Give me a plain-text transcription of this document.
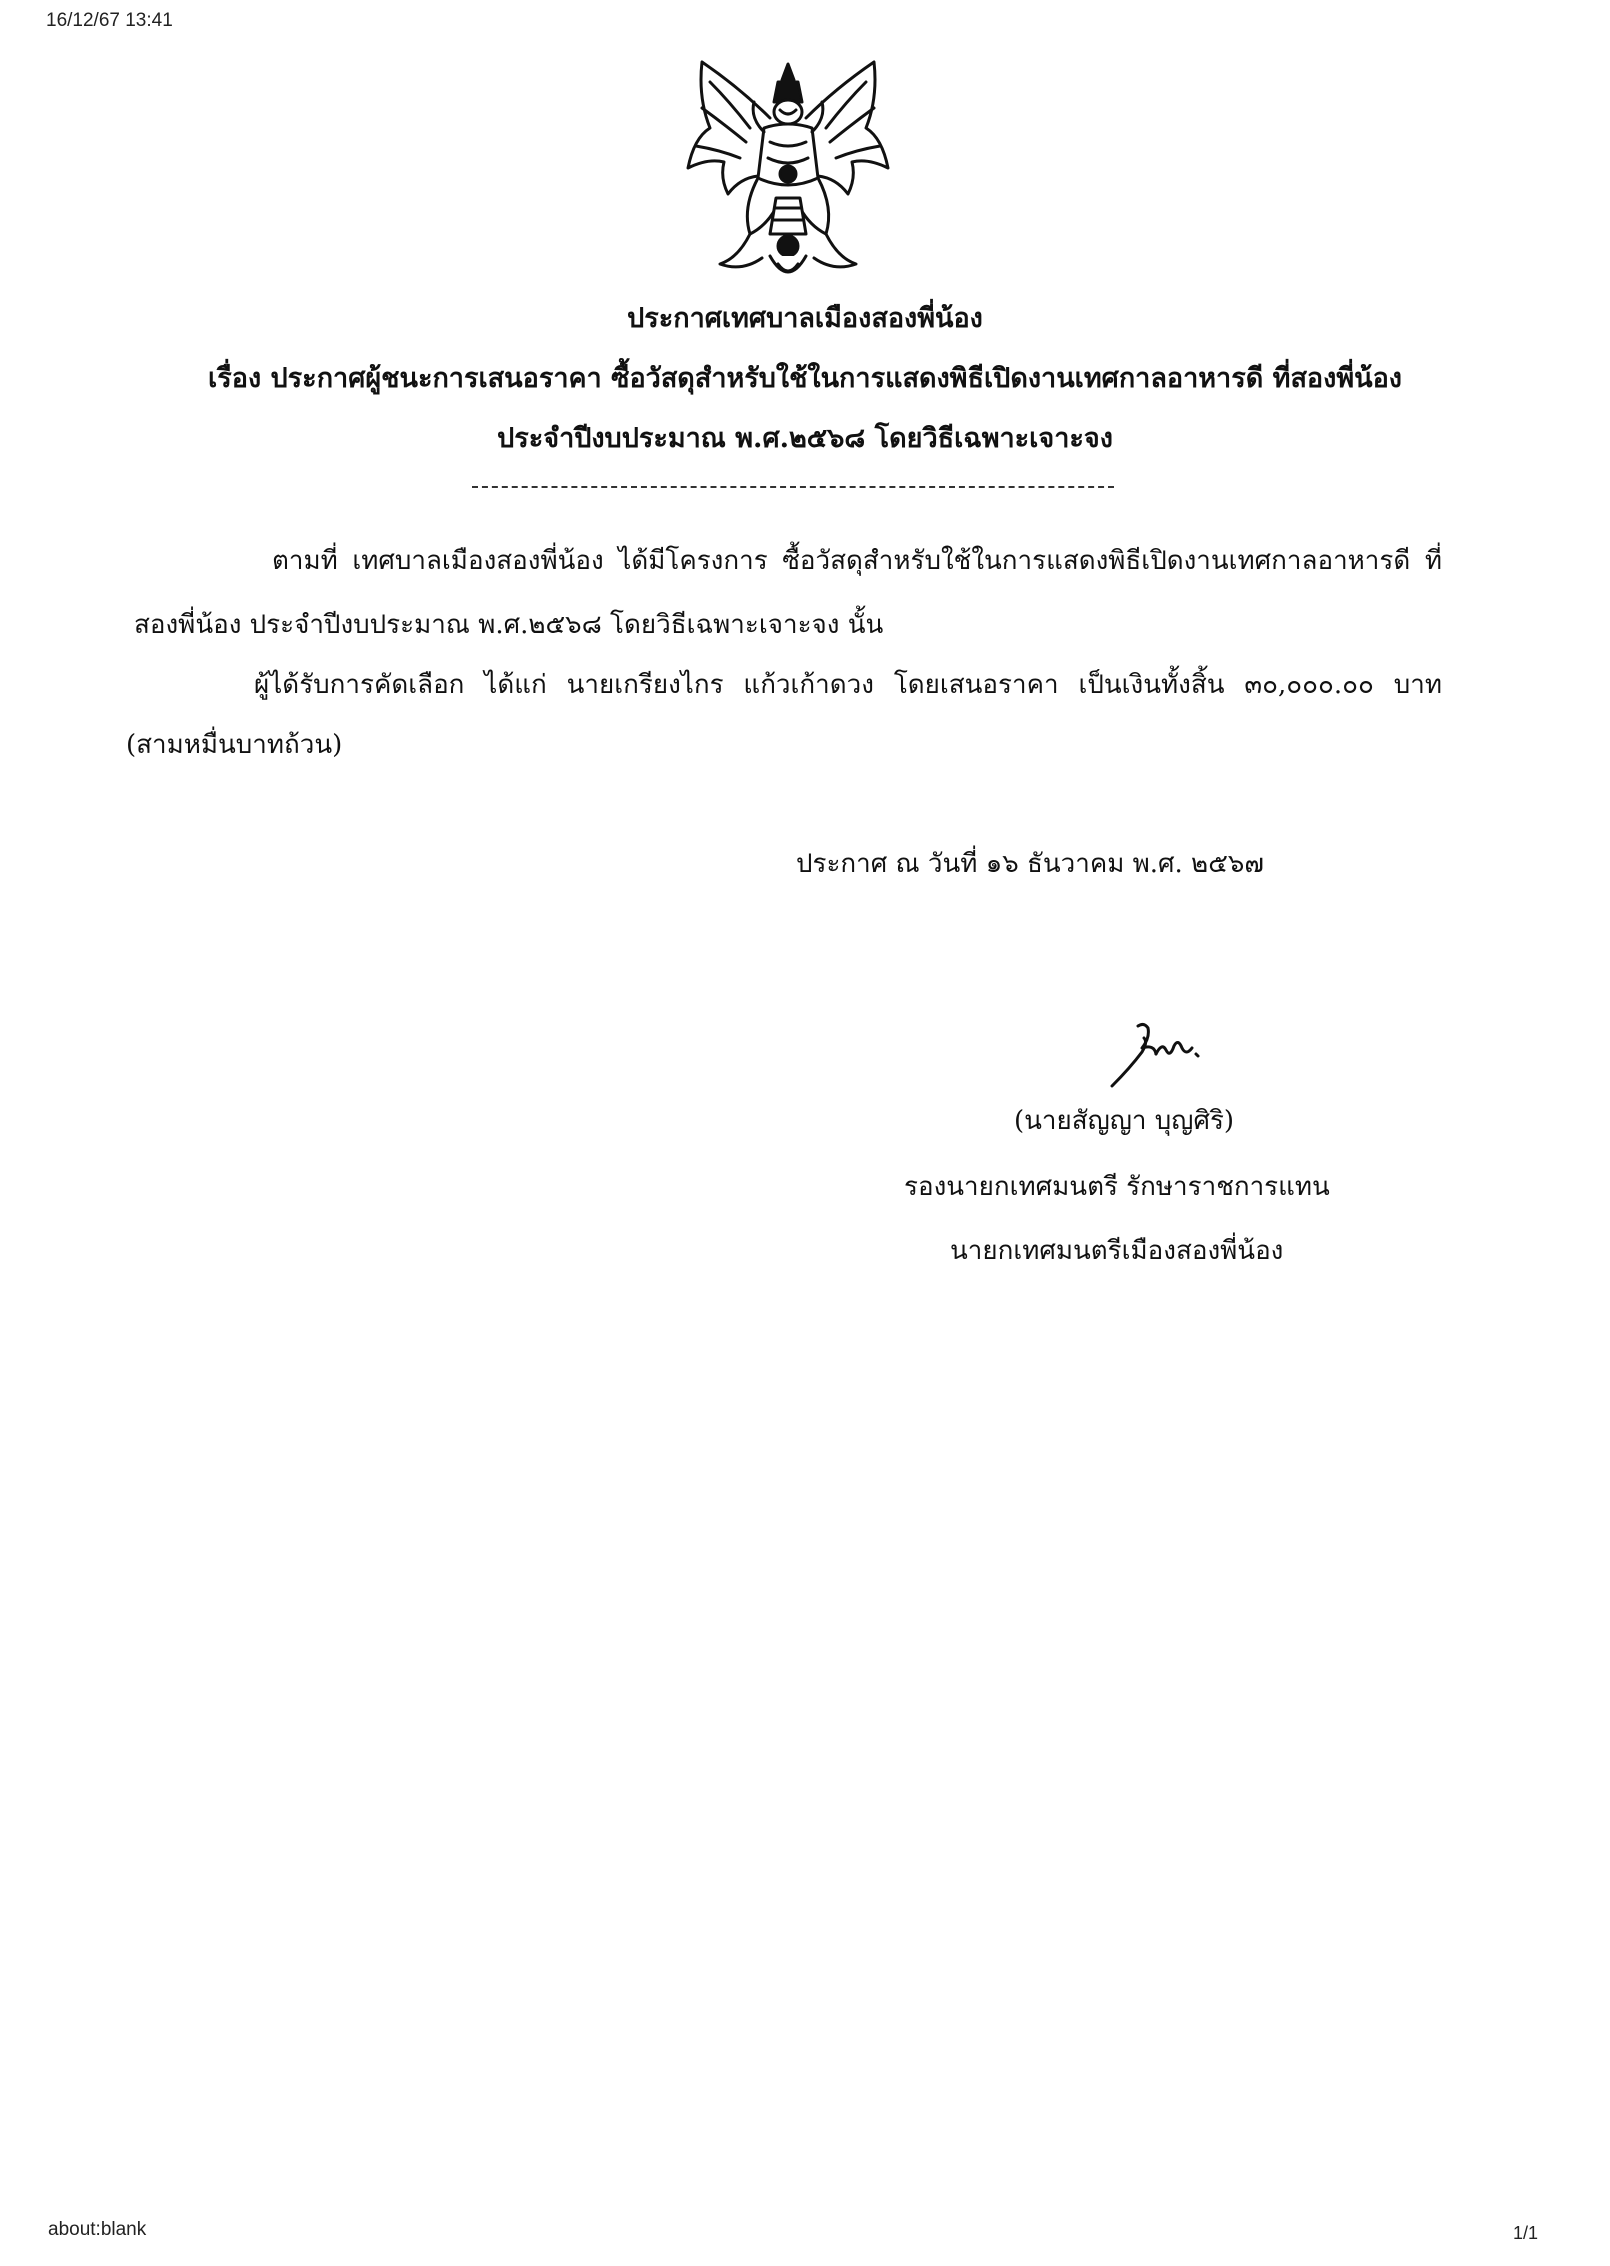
16/12/67 13:41
ประกาศเทศบาลเมืองสองพี่น้อง
เรื่อง ประกาศผู้ชนะการเสนอราคา ซื้อวัสดุสำหรับใช้ในการแสดงพิธีเปิดงานเทศกาลอาหารดี ที่สองพี่น้อง
ประจำปีงบประมาณ พ.ศ.๒๕๖๘ โดยวิธีเฉพาะเจาะจง
ตามที่ เทศบาลเมืองสองพี่น้อง ได้มีโครงการ ซื้อวัสดุสำหรับใช้ในการแสดงพิธีเปิดงานเทศกาลอาหารดี ที่
สองพี่น้อง ประจำปีงบประมาณ พ.ศ.๒๕๖๘ โดยวิธีเฉพาะเจาะจง นั้น
ผู้ได้รับการคัดเลือก ได้แก่ นายเกรียงไกร แก้วเก้าดวง โดยเสนอราคา เป็นเงินทั้งสิ้น ๓๐,๐๐๐.๐๐ บาท
(สามหมื่นบาทถ้วน)
ประกาศ ณ วันที่ ๑๖ ธันวาคม พ.ศ. ๒๕๖๗
(นายสัญญา บุญศิริ)
รองนายกเทศมนตรี รักษาราชการแทน
นายกเทศมนตรีเมืองสองพี่น้อง
about:blank	1/1
